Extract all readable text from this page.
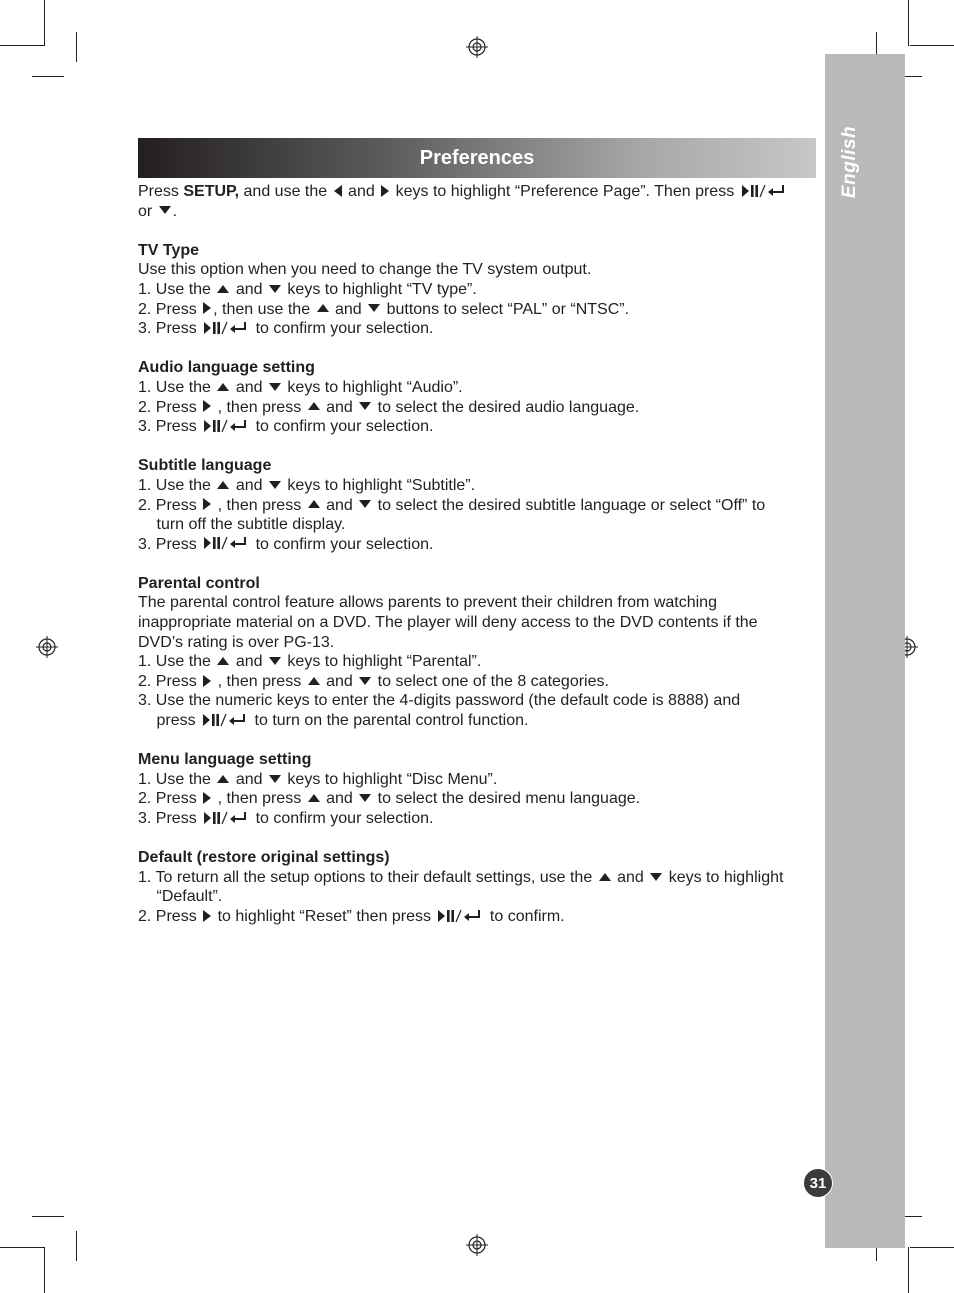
English
31
Preferences

Press SETUP, and use the  and  keys to highlight “Preference Page”. Then press

or .

TV Type

Use this option when you need to change the TV system output.

1. Use the  and  keys to highlight “TV type”.

2. Press , then use the  and  buttons to select “PAL” or “NTSC”.

3. Press	to confirm your selection.

Audio language setting

1. Use the  and  keys to highlight “Audio”.

2. Press  , then press  and  to select the desired audio language.

3. Press	to confirm your selection.

Subtitle language

1. Use the  and  keys to highlight “Subtitle”.

2. Press  , then press  and  to select the desired subtitle language or select “Off” to

turn off the subtitle display.

3. Press	to confirm your selection.

Parental control

The parental control feature allows parents to prevent their children from watching

inappropriate material on a DVD. The player will deny access to the DVD contents if the

DVD’s rating is over PG-13.

1. Use the  and  keys to highlight “Parental”.

2. Press  , then press  and  to select one of the 8 categories.

3. Use the numeric keys to enter the 4-digits password (the default code is 8888) and

press	to turn on the parental control function.

Menu language setting

1. Use the  and  keys to highlight “Disc Menu”.

2. Press  , then press  and  to select the desired menu language.

3. Press	to confirm your selection.

Default (restore original settings)

1. To return all the setup options to their default settings, use the  and  keys to highlight

“Default”.

2. Press  to highlight “Reset” then press	to confirm.
